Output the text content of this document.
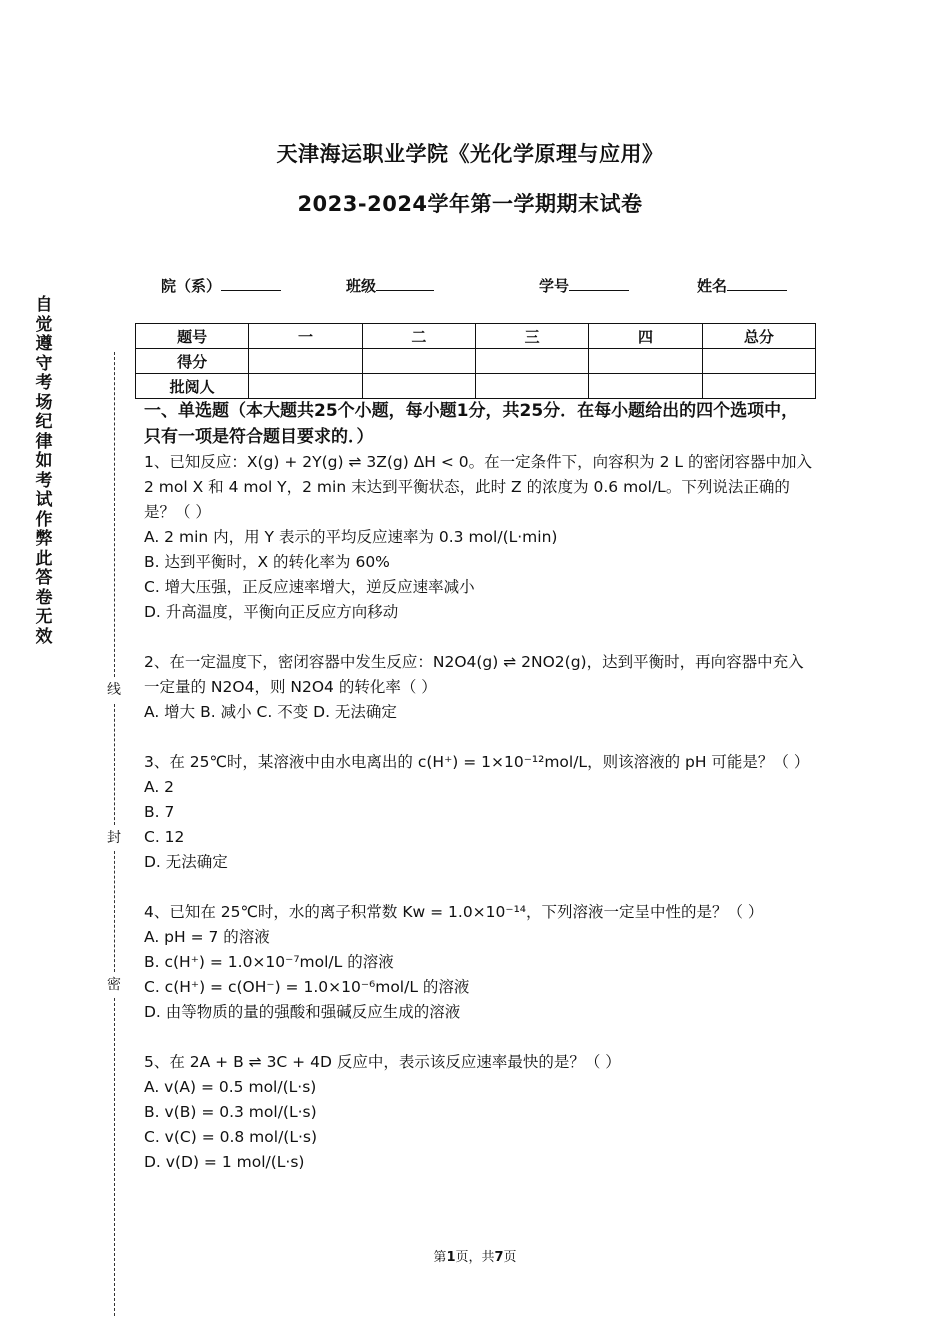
天津海运职业学院《光化学原理与应用》
2023-2024学年第一学期期末试卷
院（系）	班级	学号	姓名
题号	一	二	三	四	总分
得分					
批阅人					
自觉遵守考场纪律如考试作弊此答卷无效
线
封
密
一、单选题（本大题共25个小题，每小题1分，共25分．在每小题给出的四个选项中，只有一项是符合题目要求的．）

1、已知反应：X(g) + 2Y(g) ⇌ 3Z(g) ΔH < 0。在一定条件下，向容积为 2 L 的密闭容器中加入 2 mol X 和 4 mol Y，2 min 末达到平衡状态，此时 Z 的浓度为 0.6 mol/L。下列说法正确的是？（ ）

A. 2 min 内，用 Y 表示的平均反应速率为 0.3 mol/(L·min)

B. 达到平衡时，X 的转化率为 60%

C. 增大压强，正反应速率增大，逆反应速率减小

D. 升高温度，平衡向正反应方向移动

2、在一定温度下，密闭容器中发生反应：N2O4(g) ⇌ 2NO2(g)，达到平衡时，再向容器中充入一定量的 N2O4，则 N2O4 的转化率（ ）

A. 增大 B. 减小 C. 不变 D. 无法确定

3、在 25℃时，某溶液中由水电离出的 c(H⁺) = 1×10⁻¹²mol/L，则该溶液的 pH 可能是？（ ）

A. 2

B. 7

C. 12

D. 无法确定

4、已知在 25℃时，水的离子积常数 Kw = 1.0×10⁻¹⁴，下列溶液一定呈中性的是？（ ）

A. pH = 7 的溶液

B. c(H⁺) = 1.0×10⁻⁷mol/L 的溶液

C. c(H⁺) = c(OH⁻) = 1.0×10⁻⁶mol/L 的溶液

D. 由等物质的量的强酸和强碱反应生成的溶液

5、在 2A + B ⇌ 3C + 4D 反应中，表示该反应速率最快的是？（ ）

A. v(A) = 0.5 mol/(L·s)

B. v(B) = 0.3 mol/(L·s)

C. v(C) = 0.8 mol/(L·s)

D. v(D) = 1 mol/(L·s)

第1页，共7页
